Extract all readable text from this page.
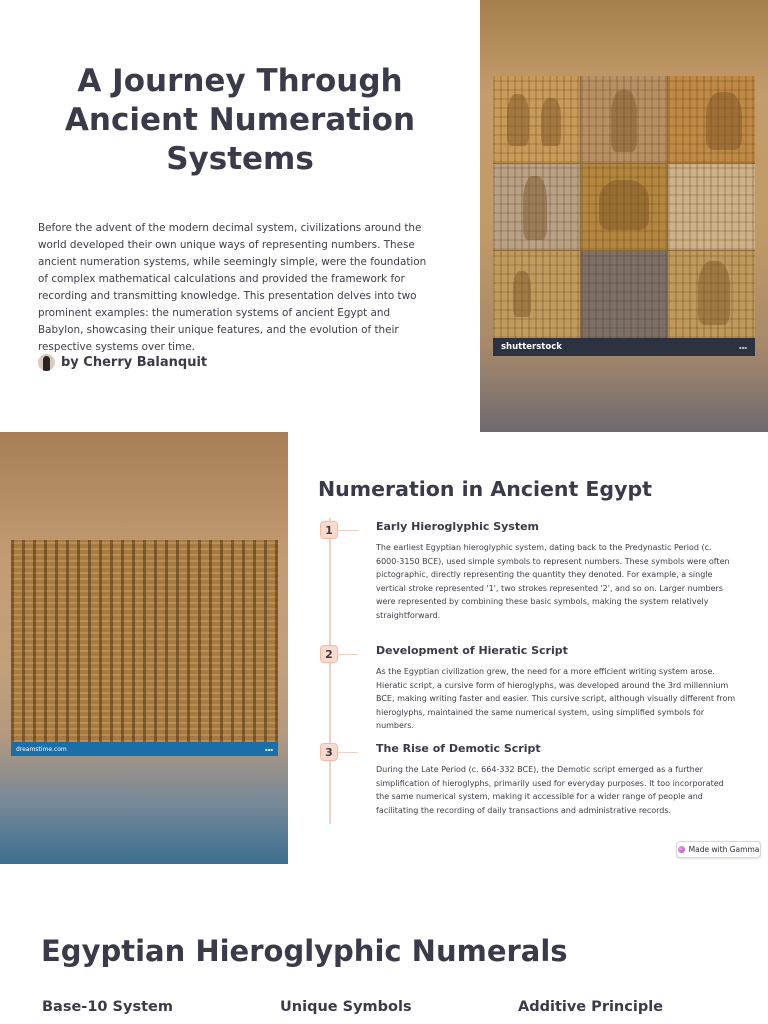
A Journey Through Ancient Numeration Systems

Before the advent of the modern decimal system, civilizations around the world developed their own unique ways of representing numbers. These ancient numeration systems, while seemingly simple, were the foundation of complex mathematical calculations and provided the framework for recording and transmitting knowledge. This presentation delves into two prominent examples: the numeration systems of ancient Egypt and Babylon, showcasing their unique features, and the evolution of their respective systems over time.

by Cherry Balanquit
shutterstock	▪▪▪
dreamstime.com	▪▪▪
Numeration in Ancient Egypt
1	Early Hieroglyphic System

The earliest Egyptian hieroglyphic system, dating back to the Predynastic Period (c. 6000-3150 BCE), used simple symbols to represent numbers. These symbols were often pictographic, directly representing the quantity they denoted. For example, a single vertical stroke represented '1', two strokes represented '2', and so on. Larger numbers were represented by combining these basic symbols, making the system relatively straightforward.

2	Development of Hieratic Script

As the Egyptian civilization grew, the need for a more efficient writing system arose. Hieratic script, a cursive form of hieroglyphs, was developed around the 3rd millennium BCE, making writing faster and easier. This cursive script, although visually different from hieroglyphs, maintained the same numerical system, using simplified symbols for numbers.

3	The Rise of Demotic Script

During the Late Period (c. 664-332 BCE), the Demotic script emerged as a further simplification of hieroglyphs, primarily used for everyday purposes. It too incorporated the same numerical system, making it accessible for a wider range of people and facilitating the recording of daily transactions and administrative records.

Made with Gamma
Egyptian Hieroglyphic Numerals
Base-10 System	Unique Symbols	Additive Principle
